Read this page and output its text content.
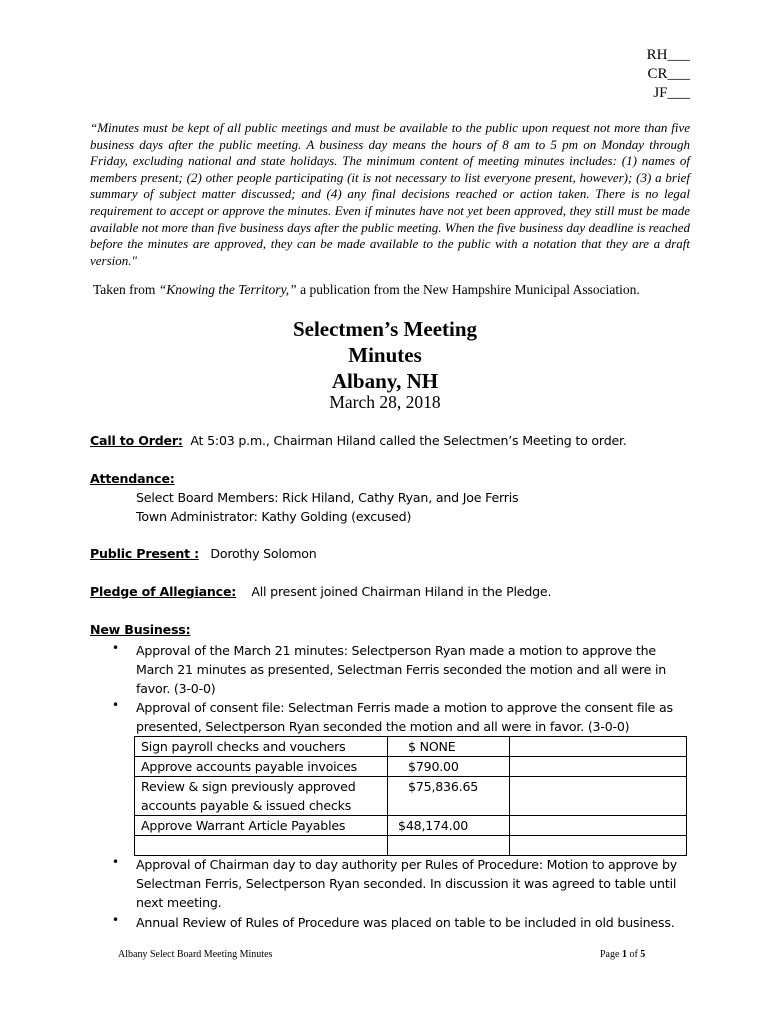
RH___
CR___
JF___
“Minutes must be kept of all public meetings and must be available to the public upon request not more than five business days after the public meeting. A business day means the hours of 8 am to 5 pm on Monday through Friday, excluding national and state holidays. The minimum content of meeting minutes includes: (1) names of members present; (2) other people participating (it is not necessary to list everyone present, however); (3) a brief summary of subject matter discussed; and (4) any final decisions reached or action taken. There is no legal requirement to accept or approve the minutes. Even if minutes have not yet been approved, they still must be made available not more than five business days after the public meeting. When the five business day deadline is reached before the minutes are approved, they can be made available to the public with a notation that they are a draft version."
Taken from “Knowing the Territory,” a publication from the New Hampshire Municipal Association.
Selectmen’s Meeting
Minutes
Albany, NH
March 28, 2018
Call to Order: At 5:03 p.m., Chairman Hiland called the Selectmen’s Meeting to order.
Attendance:
Select Board Members: Rick Hiland, Cathy Ryan, and Joe Ferris
Town Administrator: Kathy Golding (excused)
Public Present : Dorothy Solomon
Pledge of Allegiance: All present joined Chairman Hiland in the Pledge.
New Business:
• Approval of the March 21 minutes: Selectperson Ryan made a motion to approve the March 21 minutes as presented, Selectman Ferris seconded the motion and all were in favor. (3-0-0)
• Approval of consent file: Selectman Ferris made a motion to approve the consent file as presented, Selectperson Ryan seconded the motion and all were in favor. (3-0-0)
Sign payroll checks and vouchers	$ NONE	
Approve accounts payable invoices	$790.00	
Review & sign previously approved accounts payable & issued checks	$75,836.65	
Approve Warrant Article Payables	$48,174.00	

• Approval of Chairman day to day authority per Rules of Procedure: Motion to approve by Selectman Ferris, Selectperson Ryan seconded. In discussion it was agreed to table until next meeting.
• Annual Review of Rules of Procedure was placed on table to be included in old business.
Albany Select Board Meeting Minutes	Page 1 of 5
